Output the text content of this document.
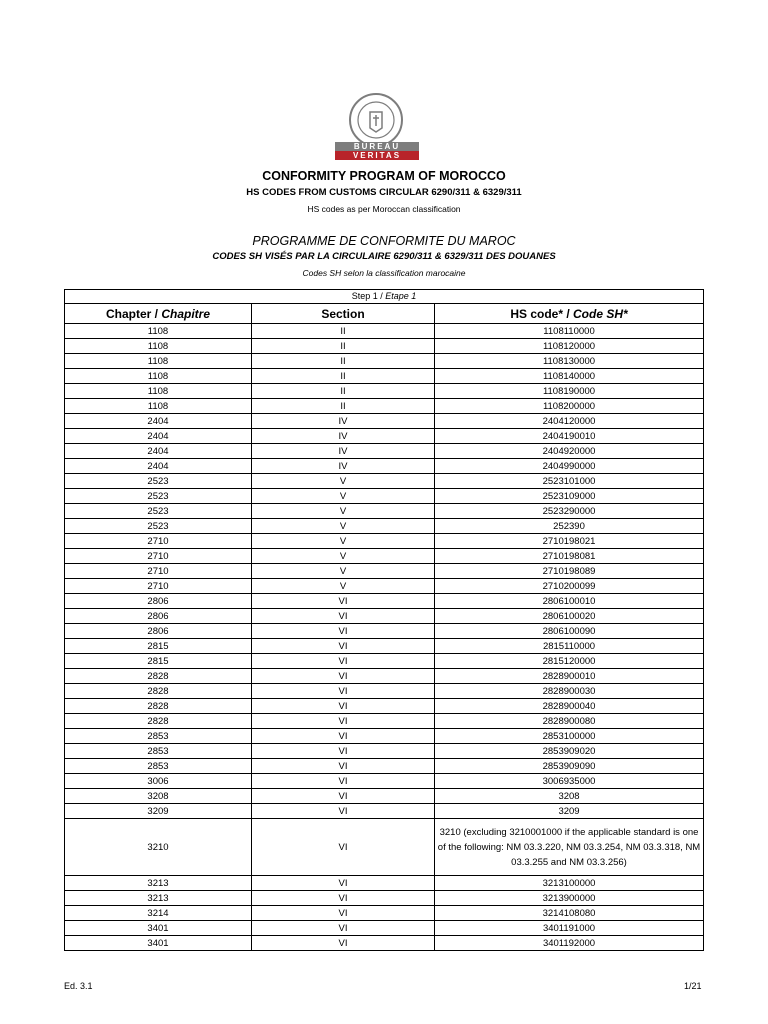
BUREAU
VERITAS
CONFORMITY PROGRAM OF MOROCCO
HS CODES FROM CUSTOMS CIRCULAR 6290/311 & 6329/311
HS codes as per Moroccan classification
PROGRAMME DE CONFORMITE DU MAROC
CODES SH VISÉS PAR LA CIRCULAIRE 6290/311 & 6329/311 DES DOUANES
Codes SH selon la classification marocaine
Step 1 / Etape 1		
Chapter / Chapitre	Section	HS code* / Code SH*
1108	II	1108110000
1108	II	1108120000
1108	II	1108130000
1108	II	1108140000
1108	II	1108190000
1108	II	1108200000
2404	IV	2404120000
2404	IV	2404190010
2404	IV	2404920000
2404	IV	2404990000
2523	V	2523101000
2523	V	2523109000
2523	V	2523290000
2523	V	252390
2710	V	2710198021
2710	V	2710198081
2710	V	2710198089
2710	V	2710200099
2806	VI	2806100010
2806	VI	2806100020
2806	VI	2806100090
2815	VI	2815110000
2815	VI	2815120000
2828	VI	2828900010
2828	VI	2828900030
2828	VI	2828900040
2828	VI	2828900080
2853	VI	2853100000
2853	VI	2853909020
2853	VI	2853909090
3006	VI	3006935000
3208	VI	3208
3209	VI	3209
3210	VI	3210 (excluding 3210001000 if the applicable standard is one of the following: NM 03.3.220, NM 03.3.254, NM 03.3.318, NM 03.3.255 and NM 03.3.256)
3213	VI	3213100000
3213	VI	3213900000
3214	VI	3214108080
3401	VI	3401191000
3401	VI	3401192000
Ed. 3.1	1/21
